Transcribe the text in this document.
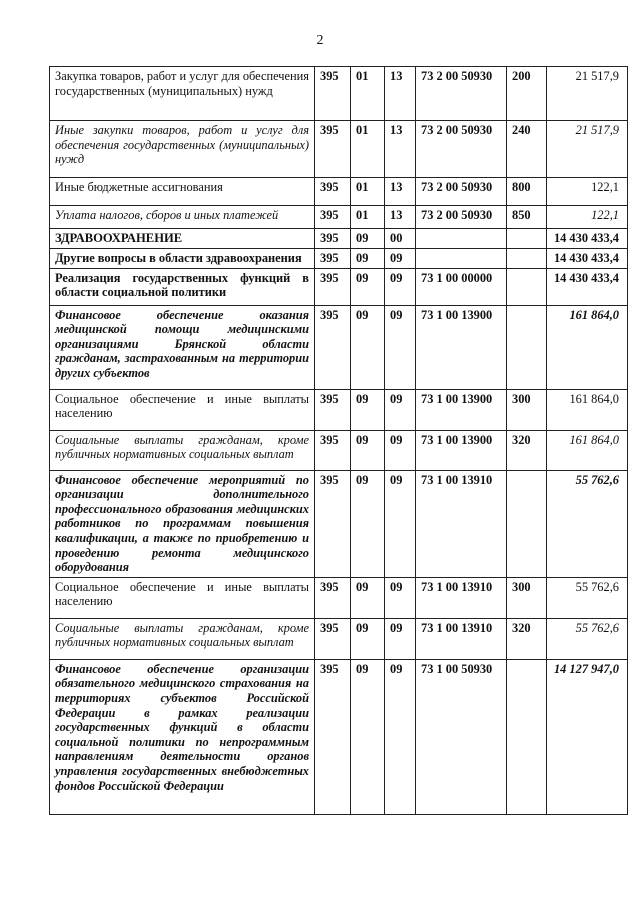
2
Закупка товаров, работ и услуг для обеспечения государственных (муниципальных) нужд	395	01	13	73 2 00 50930	200	21 517,9
Иные закупки товаров, работ и услуг для обеспечения государственных (муниципальных) нужд	395	01	13	73 2 00 50930	240	21 517,9
Иные бюджетные ассигнования	395	01	13	73 2 00 50930	800	122,1
Уплата налогов, сборов и иных платежей	395	01	13	73 2 00 50930	850	122,1
ЗДРАВООХРАНЕНИЕ	395	09	00			14 430 433,4
Другие вопросы в области здравоохранения	395	09	09			14 430 433,4
Реализация государственных функций в области социальной политики	395	09	09	73 1 00 00000		14 430 433,4
Финансовое обеспечение оказания медицинской помощи медицинскими организациями Брянской области гражданам, застрахованным на территории других субъектов	395	09	09	73 1 00 13900		161 864,0
Социальное обеспечение и иные выплаты населению	395	09	09	73 1 00 13900	300	161 864,0
Социальные выплаты гражданам, кроме публичных нормативных социальных выплат	395	09	09	73 1 00 13900	320	161 864,0
Финансовое обеспечение мероприятий по организации дополнительного профессионального образования медицинских работников по программам повышения квалификации, а также по приобретению и проведению ремонта медицинского оборудования	395	09	09	73 1 00 13910		55 762,6
Социальное обеспечение и иные выплаты населению	395	09	09	73 1 00 13910	300	55 762,6
Социальные выплаты гражданам, кроме публичных нормативных социальных выплат	395	09	09	73 1 00 13910	320	55 762,6
Финансовое обеспечение организации обязательного медицинского страхования на территориях субъектов Российской Федерации в рамках реализации государственных функций в области социальной политики по непрограммным направлениям деятельности органов управления государственных внебюджетных фондов Российской Федерации	395	09	09	73 1 00 50930		14 127 947,0
